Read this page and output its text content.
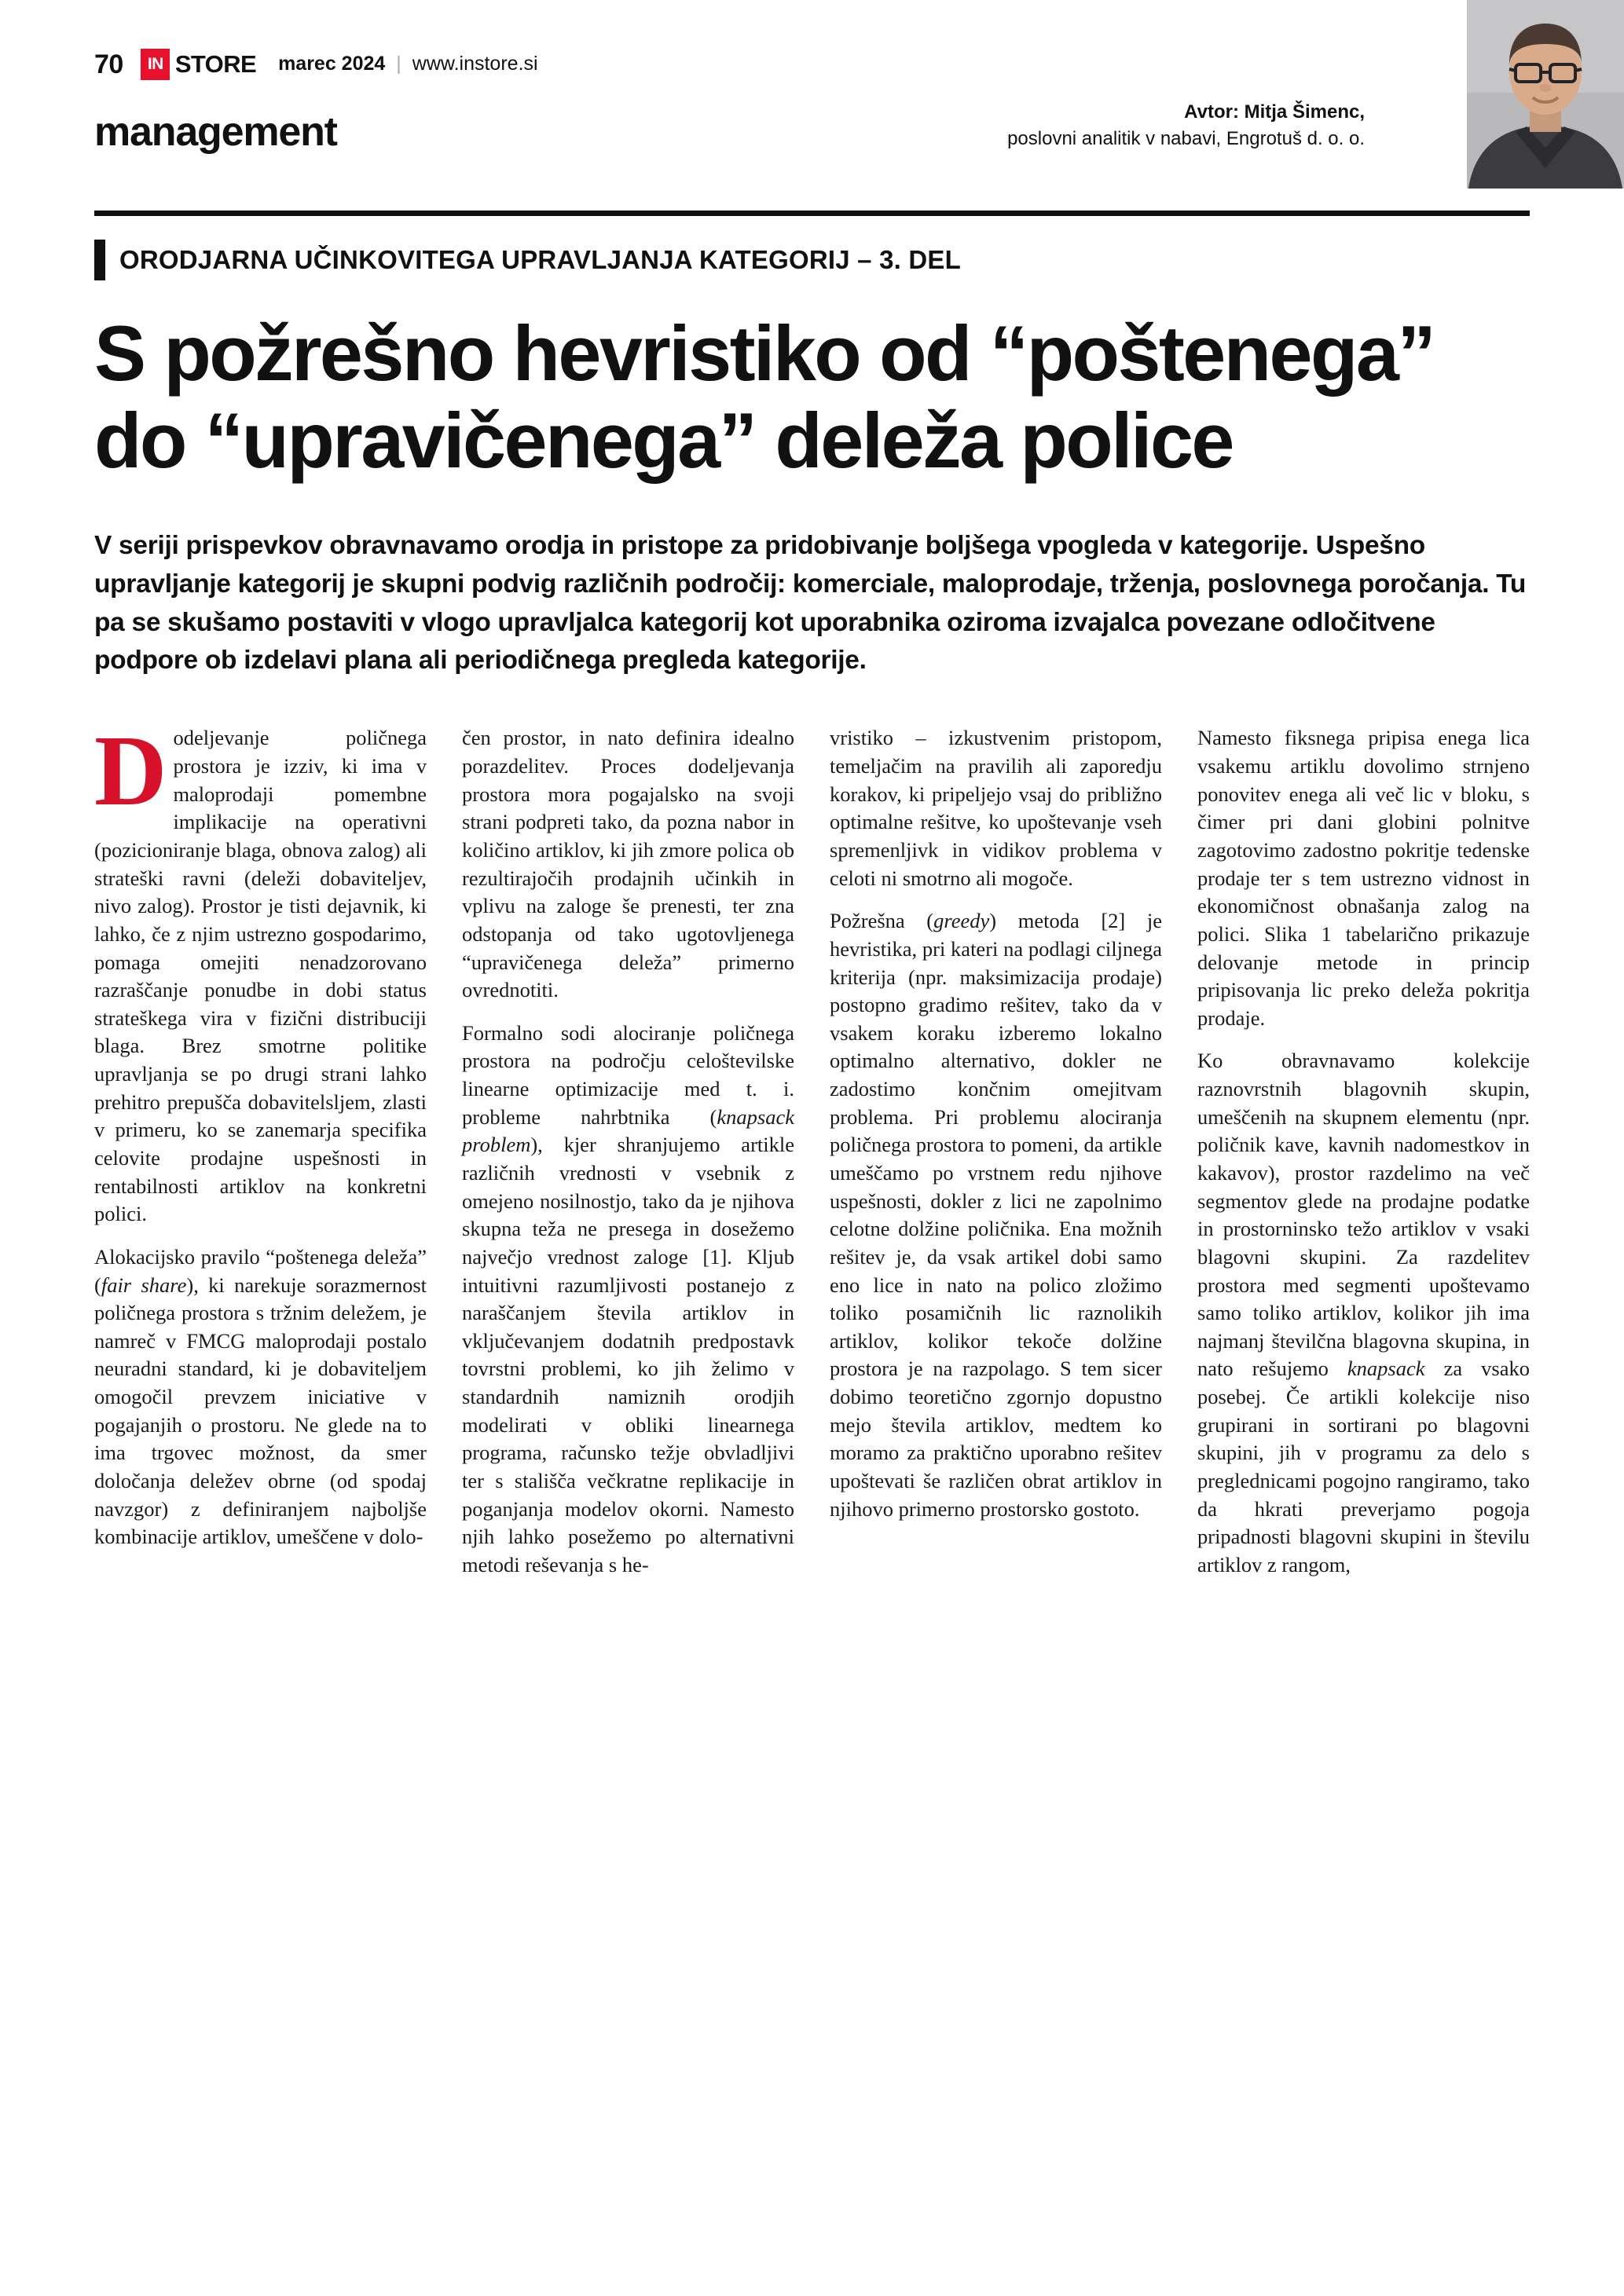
70	IN STORE	marec 2024 | www.instore.si
management	Avtor: Mitja Šimenc,
poslovni analitik v nabavi, Engrotuš d. o. o.
ORODJARNA UČINKOVITEGA UPRAVLJANJA KATEGORIJ – 3. DEL
S požrešno hevristiko od “poštenega” do “upravičenega” deleža police
V seriji prispevkov obravnavamo orodja in pristope za pridobivanje boljšega vpogleda v kategorije. Uspešno upravljanje kategorij je skupni podvig različnih področij: komerciale, maloprodaje, trženja, poslovnega poročanja. Tu pa se skušamo postaviti v vlogo upravljalca kategorij kot uporabnika oziroma izvajalca povezane odločitvene podpore ob izdelavi plana ali periodičnega pregleda kategorije.

Dodeljevanje poličnega prostora je izziv, ki ima v maloprodaji pomembne implikacije na operativni (pozicioniranje blaga, obnova zalog) ali strateški ravni (deleži dobaviteljev, nivo zalog). Prostor je tisti dejavnik, ki lahko, če z njim ustrezno gospodarimo, pomaga omejiti nenadzorovano razraščanje ponudbe in dobi status strateškega vira v fizični distribuciji blaga. Brez smotrne politike upravljanja se po drugi strani lahko prehitro prepušča dobavitelsljem, zlasti v primeru, ko se zanemarja specifika celovite prodajne uspešnosti in rentabilnosti artiklov na konkretni polici.

Alokacijsko pravilo “poštenega deleža” (fair share), ki narekuje sorazmernost poličnega prostora s tržnim deležem, je namreč v FMCG maloprodaji postalo neuradni standard, ki je dobaviteljem omogočil prevzem iniciative v pogajanjih o prostoru. Ne glede na to ima trgovec možnost, da smer določanja deležev obrne (od spodaj navzgor) z definiranjem najboljše kombinacije artiklov, umeščene v dolo-

čen prostor, in nato definira idealno porazdelitev. Proces dodeljevanja prostora mora pogajalsko na svoji strani podpreti tako, da pozna nabor in količino artiklov, ki jih zmore polica ob rezultirajočih prodajnih učinkih in vplivu na zaloge še prenesti, ter zna odstopanja od tako ugotovljenega “upravičenega deleža” primerno ovrednotiti.

Formalno sodi alociranje poličnega prostora na področju celoštevilske linearne optimizacije med t. i. probleme nahrbtnika (knapsack problem), kjer shranjujemo artikle različnih vrednosti v vsebnik z omejeno nosilnostjo, tako da je njihova skupna teža ne presega in dosežemo največjo vrednost zaloge [1]. Kljub intuitivni razumljivosti postanejo z naraščanjem števila artiklov in vključevanjem dodatnih predpostavk tovrstni problemi, ko jih želimo v standardnih namiznih orodjih modelirati v obliki linearnega programa, računsko težje obvladljivi ter s stališča večkratne replikacije in poganjanja modelov okorni. Namesto njih lahko posežemo po alternativni metodi reševanja s he-

vristiko – izkustvenim pristopom, temeljačim na pravilih ali zaporedju korakov, ki pripeljejo vsaj do približno optimalne rešitve, ko upoštevanje vseh spremenljivk in vidikov problema v celoti ni smotrno ali mogoče.

Požrešna (greedy) metoda [2] je hevristika, pri kateri na podlagi ciljnega kriterija (npr. maksimizacija prodaje) postopno gradimo rešitev, tako da v vsakem koraku izberemo lokalno optimalno alternativo, dokler ne zadostimo končnim omejitvam problema. Pri problemu alociranja poličnega prostora to pomeni, da artikle umeščamo po vrstnem redu njihove uspešnosti, dokler z lici ne zapolnimo celotne dolžine poličnika. Ena možnih rešitev je, da vsak artikel dobi samo eno lice in nato na polico zložimo toliko posamičnih lic raznolikih artiklov, kolikor tekoče dolžine prostora je na razpolago. S tem sicer dobimo teoretično zgornjo dopustno mejo števila artiklov, medtem ko moramo za praktično uporabno rešitev upoštevati še različen obrat artiklov in njihovo primerno prostorsko gostoto.

Namesto fiksnega pripisa enega lica vsakemu artiklu dovolimo strnjeno ponovitev enega ali več lic v bloku, s čimer pri dani globini polnitve zagotovimo zadostno pokritje tedenske prodaje ter s tem ustrezno vidnost in ekonomičnost obnašanja zalog na polici. Slika 1 tabelarično prikazuje delovanje metode in princip pripisovanja lic preko deleža pokritja prodaje.

Ko obravnavamo kolekcije raznovrstnih blagovnih skupin, umeščenih na skupnem elementu (npr. poličnik kave, kavnih nadomestkov in kakavov), prostor razdelimo na več segmentov glede na prodajne podatke in prostorninsko težo artiklov v vsaki blagovni skupini. Za razdelitev prostora med segmenti upoštevamo samo toliko artiklov, kolikor jih ima najmanj številčna blagovna skupina, in nato rešujemo knapsack za vsako posebej. Če artikli kolekcije niso grupirani in sortirani po blagovni skupini, jih v programu za delo s preglednicami pogojno rangiramo, tako da hkrati preverjamo pogoja pripadnosti blagovni skupini in številu artiklov z rangom,
